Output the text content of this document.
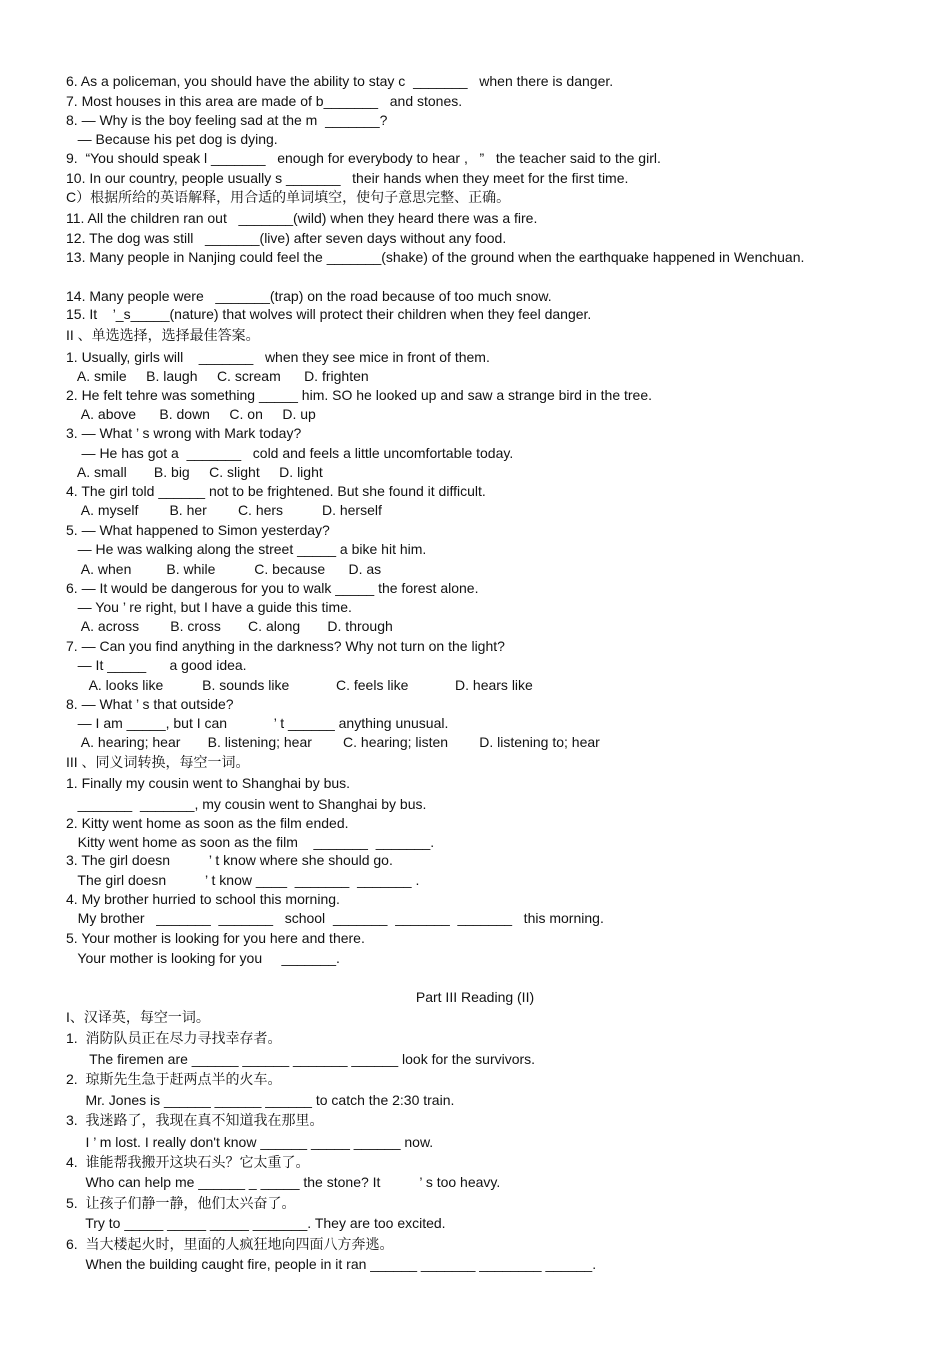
6. As a policeman, you should have the ability to stay c  _______   when there is danger.
7. Most houses in this area are made of b_______   and stones.
8. — Why is the boy feeling sad at the m  _______?
— Because his pet dog is dying.
9.  “You should speak l _______   enough for everybody to hear ,   ”   the teacher said to the girl.
10. In our country, people usually s _______   their hands when they meet for the first time.
C）根据所给的英语解释，用合适的单词填空，使句子意思完整、正确。
11. All the children ran out   _______(wild) when they heard there was a fire.
12. The dog was still   _______(live) after seven days without any food.
13. Many people in Nanjing could feel the _______(shake) of the ground when the earthquake happened in Wenchuan.
14. Many people were   _______(trap) on the road because of too much snow.
15. It    ’_s_____(nature) that wolves will protect their children when they feel danger.
II 、单选选择，选择最佳答案。
1. Usually, girls will    _______   when they see mice in front of them.
A. smile     B. laugh     C. scream      D. frighten
2. He felt tehre was something _____ him. SO he looked up and saw a strange bird in the tree.
A. above      B. down     C. on     D. up
3. — What ’ s wrong with Mark today?
— He has got a  _______   cold and feels a little uncomfortable today.
A. small       B. big     C. slight     D. light
4. The girl told ______ not to be frightened. But she found it difficult.
A. myself        B. her        C. hers          D. herself
5. — What happened to Simon yesterday?
— He was walking along the street _____ a bike hit him.
A. when         B. while          C. because      D. as
6. — It would be dangerous for you to walk _____ the forest alone.
— You ’ re right, but I have a guide this time.
A. across        B. cross       C. along       D. through
7. — Can you find anything in the darkness? Why not turn on the light?
— It _____      a good idea.
A. looks like          B. sounds like            C. feels like            D. hears like
8. — What ’ s that outside?
— I am _____, but I can            ’ t ______ anything unusual.
A. hearing; hear       B. listening; hear        C. hearing; listen        D. listening to; hear
III 、同义词转换，每空一词。
1. Finally my cousin went to Shanghai by bus.
_______  _______, my cousin went to Shanghai by bus.
2. Kitty went home as soon as the film ended.
Kitty went home as soon as the film    _______  _______.
3. The girl doesn          ’ t know where she should go.
The girl doesn          ’ t know ____  _______  _______ .
4. My brother hurried to school this morning.
My brother   _______  _______   school  _______  _______  _______   this morning.
5. Your mother is looking for you here and there.
Your mother is looking for you     _______.
Part III Reading (II)
I、汉译英，每空一词。
1.  消防队员正在尽力寻找幸存者。
The firemen are ______ ______ _______ ______ look for the survivors.
2.  琼斯先生急于赶两点半的火车。
Mr. Jones is ______ ______ ______ to catch the 2:30 train.
3.  我迷路了，我现在真不知道我在那里。
I ’ m lost. I really don't know ______ _____ ______ now.
4.  谁能帮我搬开这块石头？它太重了。
Who can help me ______ _ _____ the stone? It          ’ s too heavy.
5.  让孩子们静一静，他们太兴奋了。
Try to _____ _____ _____ _______. They are too excited.
6.  当大楼起火时，里面的人疯狂地向四面八方奔逃。
When the building caught fire, people in it ran ______ _______ ________ ______.
